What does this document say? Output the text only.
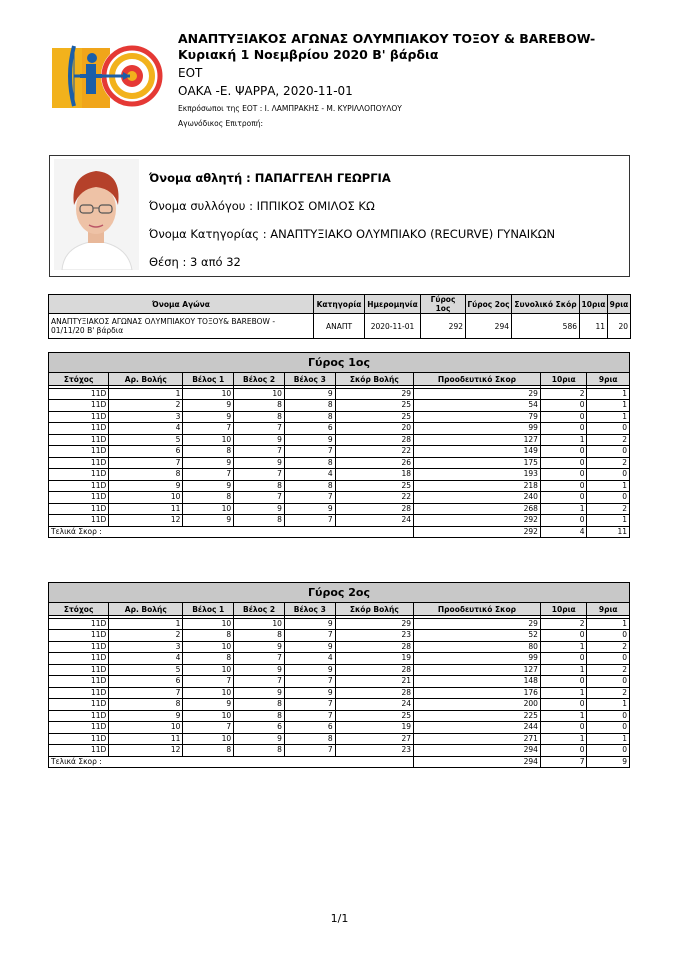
ΑΝΑΠΤΥΞΙΑΚΟΣ ΑΓΩΝΑΣ ΟΛΥΜΠΙΑΚΟΥ ΤΟΞΟΥ & BAREBOW- Κυριακή 1 Νοεμβρίου 2020 Β' βάρδια
ΕΟΤ
ΟΑΚΑ -Ε. ΨΑΡΡΑ, 2020-11-01
Εκπρόσωποι της ΕΟΤ : Ι. ΛΑΜΠΡΑΚΗΣ - Μ. ΚΥΡΙΛΛΟΠΟΥΛΟΥ
Αγωνόδικος Επιτροπή:
Όνομα αθλητή : ΠΑΠΑΓΓΕΛΗ ΓΕΩΡΓΙΑ
Όνομα συλλόγου : ΙΠΠΙΚΟΣ ΟΜΙΛΟΣ ΚΩ
Όνομα Κατηγορίας : ΑΝΑΠΤΥΞΙΑΚΟ ΟΛΥΜΠΙΑΚΟ (RECURVE) ΓΥΝΑΙΚΩΝ
Θέση : 3 από 32
Όνομα Αγώνα	Κατηγορία	Ημερομηνία	Γύρος 1ος	Γύρος 2ος	Συνολικό Σκόρ	10ρια	9ρια
ΑΝΑΠΤΥΞΙΑΚΟΣ ΑΓΩΝΑΣ ΟΛΥΜΠΙΑΚΟΥ ΤΟΞΟΥ& BAREBOW - 01/11/20 Β' βάρδια	ΑΝΑΠΤ	2020-11-01	292	294	586	11	20
Γύρος 1ος								
Στόχος	Αρ. Βολής	Βέλος 1	Βέλος 2	Βέλος 3	Σκόρ Βολής	Προοδευτικό Σκορ	10ρια	9ρια

11D	1	10	10	9	29	29	2	1
11D	2	9	8	8	25	54	0	1
11D	3	9	8	8	25	79	0	1
11D	4	7	7	6	20	99	0	0
11D	5	10	9	9	28	127	1	2
11D	6	8	7	7	22	149	0	0
11D	7	9	9	8	26	175	0	2
11D	8	7	7	4	18	193	0	0
11D	9	9	8	8	25	218	0	1
11D	10	8	7	7	22	240	0	0
11D	11	10	9	9	28	268	1	2
11D	12	9	8	7	24	292	0	1
Τελικά Σκορ :						292	4	11
Γύρος 2ος								
Στόχος	Αρ. Βολής	Βέλος 1	Βέλος 2	Βέλος 3	Σκόρ Βολής	Προοδευτικό Σκορ	10ρια	9ρια

11D	1	10	10	9	29	29	2	1
11D	2	8	8	7	23	52	0	0
11D	3	10	9	9	28	80	1	2
11D	4	8	7	4	19	99	0	0
11D	5	10	9	9	28	127	1	2
11D	6	7	7	7	21	148	0	0
11D	7	10	9	9	28	176	1	2
11D	8	9	8	7	24	200	0	1
11D	9	10	8	7	25	225	1	0
11D	10	7	6	6	19	244	0	0
11D	11	10	9	8	27	271	1	1
11D	12	8	8	7	23	294	0	0
Τελικά Σκορ :						294	7	9
1/1
